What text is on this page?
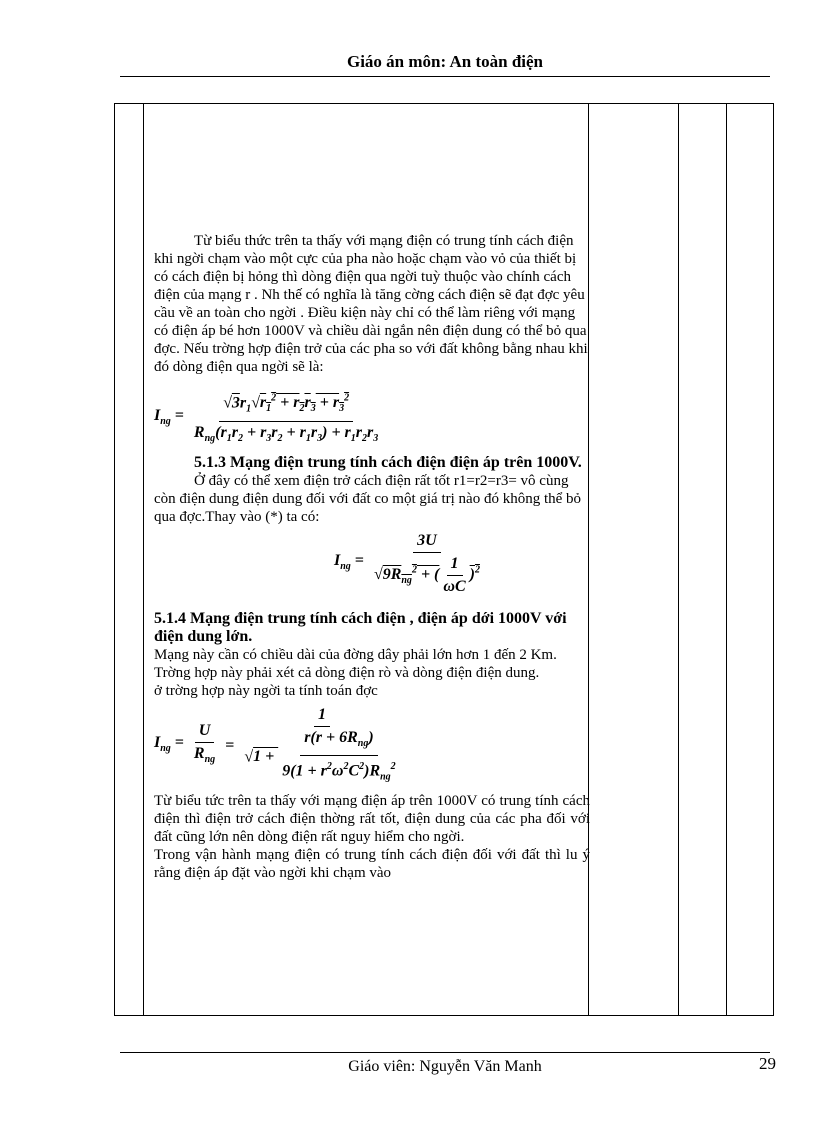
Giáo án môn: An toàn điện

Từ biểu thức trên ta thấy với mạng điện có trung tính cách điện khi ngời chạm vào một cực của pha nào hoặc chạm vào vỏ của thiết bị có cách điện bị hỏng thì dòng điện qua ngời tuỳ thuộc vào chính cách điện của mạng r . Nh thế có nghĩa là tăng cờng cách điện sẽ đạt đợc yêu cầu về an toàn cho ngời . Điều kiện này chỉ có thể làm riêng với mạng có điện áp bé hơn 1000V và chiều dài ngắn nên điện dung có thể bỏ qua đợc. Nếu trờng hợp điện trở của các pha so với đất không bằng nhau khi đó dòng điện qua ngời sẽ là:

$I_{ng} = \frac{√3r_1√r_1^2 + r_2r_3 + r_3^2}{R_{ng}(r_1r_2 + r_3r_2 + r_1r_3) + r_1r_2r_3}$

5.1.3 Mạng điện trung tính cách điện điện áp trên 1000V.

Ở đây có thể xem điện trở cách điện rất tốt r1=r2=r3= vô cùng còn điện dung điện dung đối với đất co một giá trị nào đó không thể bỏ qua đợc.Thay vào (*) ta có:

$I_{ng} = \frac{3U}{√9R_{ng}^2 + ( \frac{1}{\omega C} )^2}$

5.1.4 Mạng điện trung tính cách điện , điện áp dới 1000V với điện dung lớn.

Mạng này cần có chiều dài của đờng dây phải lớn hơn 1 đến 2 Km. Trờng hợp này phải xét cả dòng điện rò và dòng điện điện dung.

ở trờng hợp này ngời ta tính toán đợc

$I_{ng} = \frac{U}{R_{ng}} = \frac{1}{√1 + \frac{r(r + 6R_{ng})}{9(1 + r^2\omega^2C^2)R_{ng}^2}}$

Từ biểu tức trên ta thấy với mạng điện áp trên 1000V có trung tính cách điện thì điện trở cách điện thờng rất tốt, điện dung của các pha đối với đất cũng lớn nên dòng điện rất nguy hiểm cho ngời.

Trong vận hành mạng điện có trung tính cách điện đối với đất thì lu ý rằng điện áp đặt vào ngời khi chạm vào

Giáo viên: Nguyễn Văn Manh	29
